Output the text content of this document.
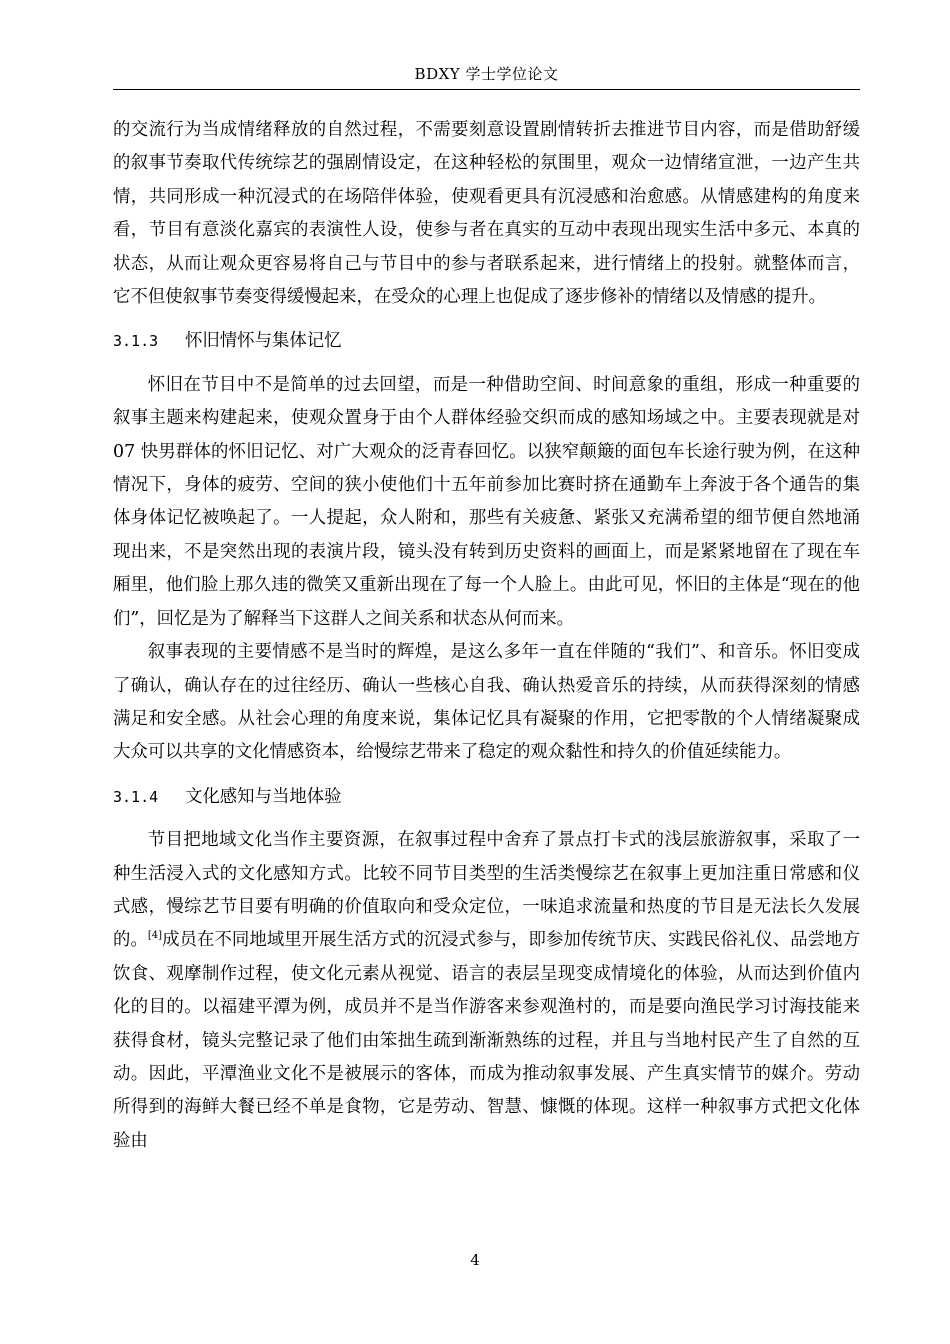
BDXY 学士学位论文

的交流行为当成情绪释放的自然过程，不需要刻意设置剧情转折去推进节目内容，而是借助舒缓的叙事节奏取代传统综艺的强剧情设定，在这种轻松的氛围里，观众一边情绪宣泄，一边产生共情，共同形成一种沉浸式的在场陪伴体验，使观看更具有沉浸感和治愈感。从情感建构的角度来看，节目有意淡化嘉宾的表演性人设，使参与者在真实的互动中表现出现实生活中多元、本真的状态，从而让观众更容易将自己与节目中的参与者联系起来，进行情绪上的投射。就整体而言，它不但使叙事节奏变得缓慢起来，在受众的心理上也促成了逐步修补的情绪以及情感的提升。

3.1.3 怀旧情怀与集体记忆

怀旧在节目中不是简单的过去回望，而是一种借助空间、时间意象的重组，形成一种重要的叙事主题来构建起来，使观众置身于由个人群体经验交织而成的感知场域之中。主要表现就是对 07 快男群体的怀旧记忆、对广大观众的泛青春回忆。以狭窄颠簸的面包车长途行驶为例，在这种情况下，身体的疲劳、空间的狭小使他们十五年前参加比赛时挤在通勤车上奔波于各个通告的集体身体记忆被唤起了。一人提起，众人附和，那些有关疲惫、紧张又充满希望的细节便自然地涌现出来，不是突然出现的表演片段，镜头没有转到历史资料的画面上，而是紧紧地留在了现在车厢里，他们脸上那久违的微笑又重新出现在了每一个人脸上。由此可见，怀旧的主体是“现在的他们”，回忆是为了解释当下这群人之间关系和状态从何而来。

叙事表现的主要情感不是当时的辉煌，是这么多年一直在伴随的“我们”、和音乐。怀旧变成了确认，确认存在的过往经历、确认一些核心自我、确认热爱音乐的持续，从而获得深刻的情感满足和安全感。从社会心理的角度来说，集体记忆具有凝聚的作用，它把零散的个人情绪凝聚成大众可以共享的文化情感资本，给慢综艺带来了稳定的观众黏性和持久的价值延续能力。

3.1.4 文化感知与当地体验

节目把地域文化当作主要资源，在叙事过程中舍弃了景点打卡式的浅层旅游叙事，采取了一种生活浸入式的文化感知方式。比较不同节目类型的生活类慢综艺在叙事上更加注重日常感和仪式感，慢综艺节目要有明确的价值取向和受众定位，一味追求流量和热度的节目是无法长久发展的。[4]成员在不同地域里开展生活方式的沉浸式参与，即参加传统节庆、实践民俗礼仪、品尝地方饮食、观摩制作过程，使文化元素从视觉、语言的表层呈现变成情境化的体验，从而达到价值内化的目的。以福建平潭为例，成员并不是当作游客来参观渔村的，而是要向渔民学习讨海技能来获得食材，镜头完整记录了他们由笨拙生疏到渐渐熟练的过程，并且与当地村民产生了自然的互动。因此，平潭渔业文化不是被展示的客体，而成为推动叙事发展、产生真实情节的媒介。劳动所得到的海鲜大餐已经不单是食物，它是劳动、智慧、慷慨的体现。这样一种叙事方式把文化体验由

4
